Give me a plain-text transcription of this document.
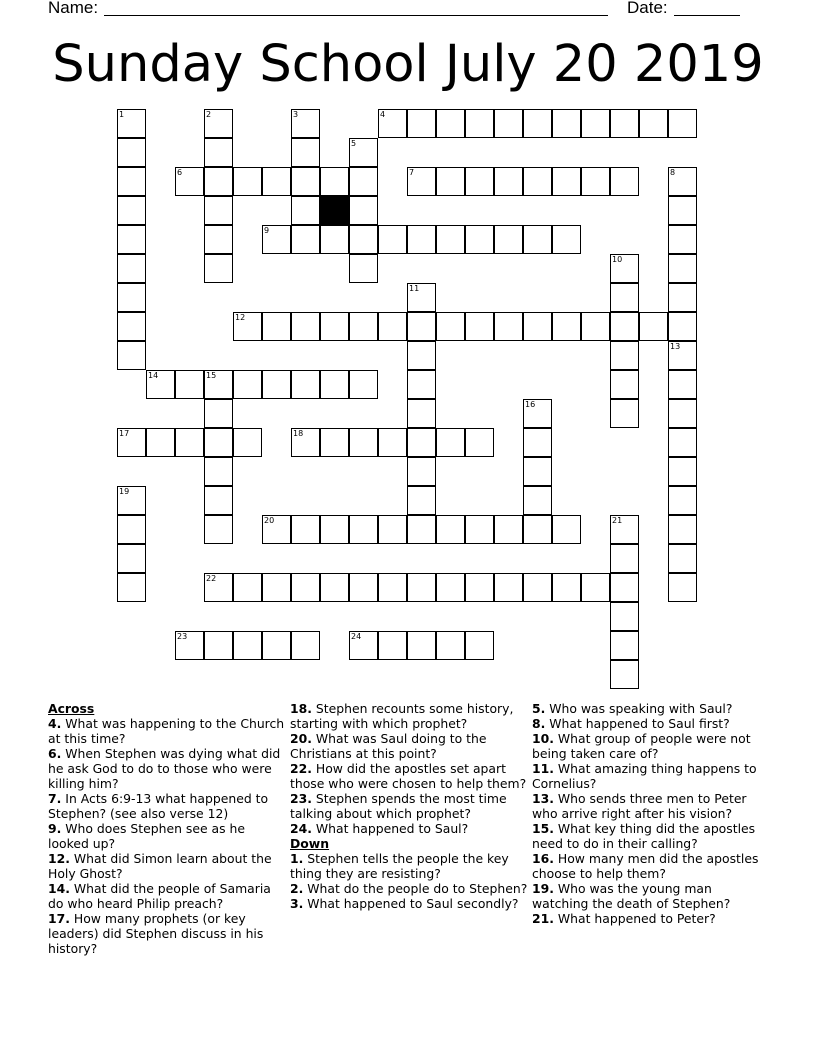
Name:	Date:
Sunday School July 20 2019
4
6	7
9
12
14	15
17	18
20
22
23	24
1	2	3
5
8
10
11
13
16
19
21
Across
4. What was happening to the Church at this time?
6. When Stephen was dying what did he ask God to do to those who were killing him?
7. In Acts 6:9-13 what happened to Stephen? (see also verse 12)
9. Who does Stephen see as he looked up?
12. What did Simon learn about the Holy Ghost?
14. What did the people of Samaria do who heard Philip preach?
17. How many prophets (or key leaders) did Stephen discuss in his history?
18. Stephen recounts some history, starting with which prophet?
20. What was Saul doing to the Christians at this point?
22. How did the apostles set apart those who were chosen to help them?
23. Stephen spends the most time talking about which prophet?
24. What happened to Saul?
Down
1. Stephen tells the people the key thing they are resisting?
2. What do the people do to Stephen?
3. What happened to Saul secondly?
5. Who was speaking with Saul?
8. What happened to Saul first?
10. What group of people were not being taken care of?
11. What amazing thing happens to Cornelius?
13. Who sends three men to Peter who arrive right after his vision?
15. What key thing did the apostles need to do in their calling?
16. How many men did the apostles choose to help them?
19. Who was the young man watching the death of Stephen?
21. What happened to Peter?
